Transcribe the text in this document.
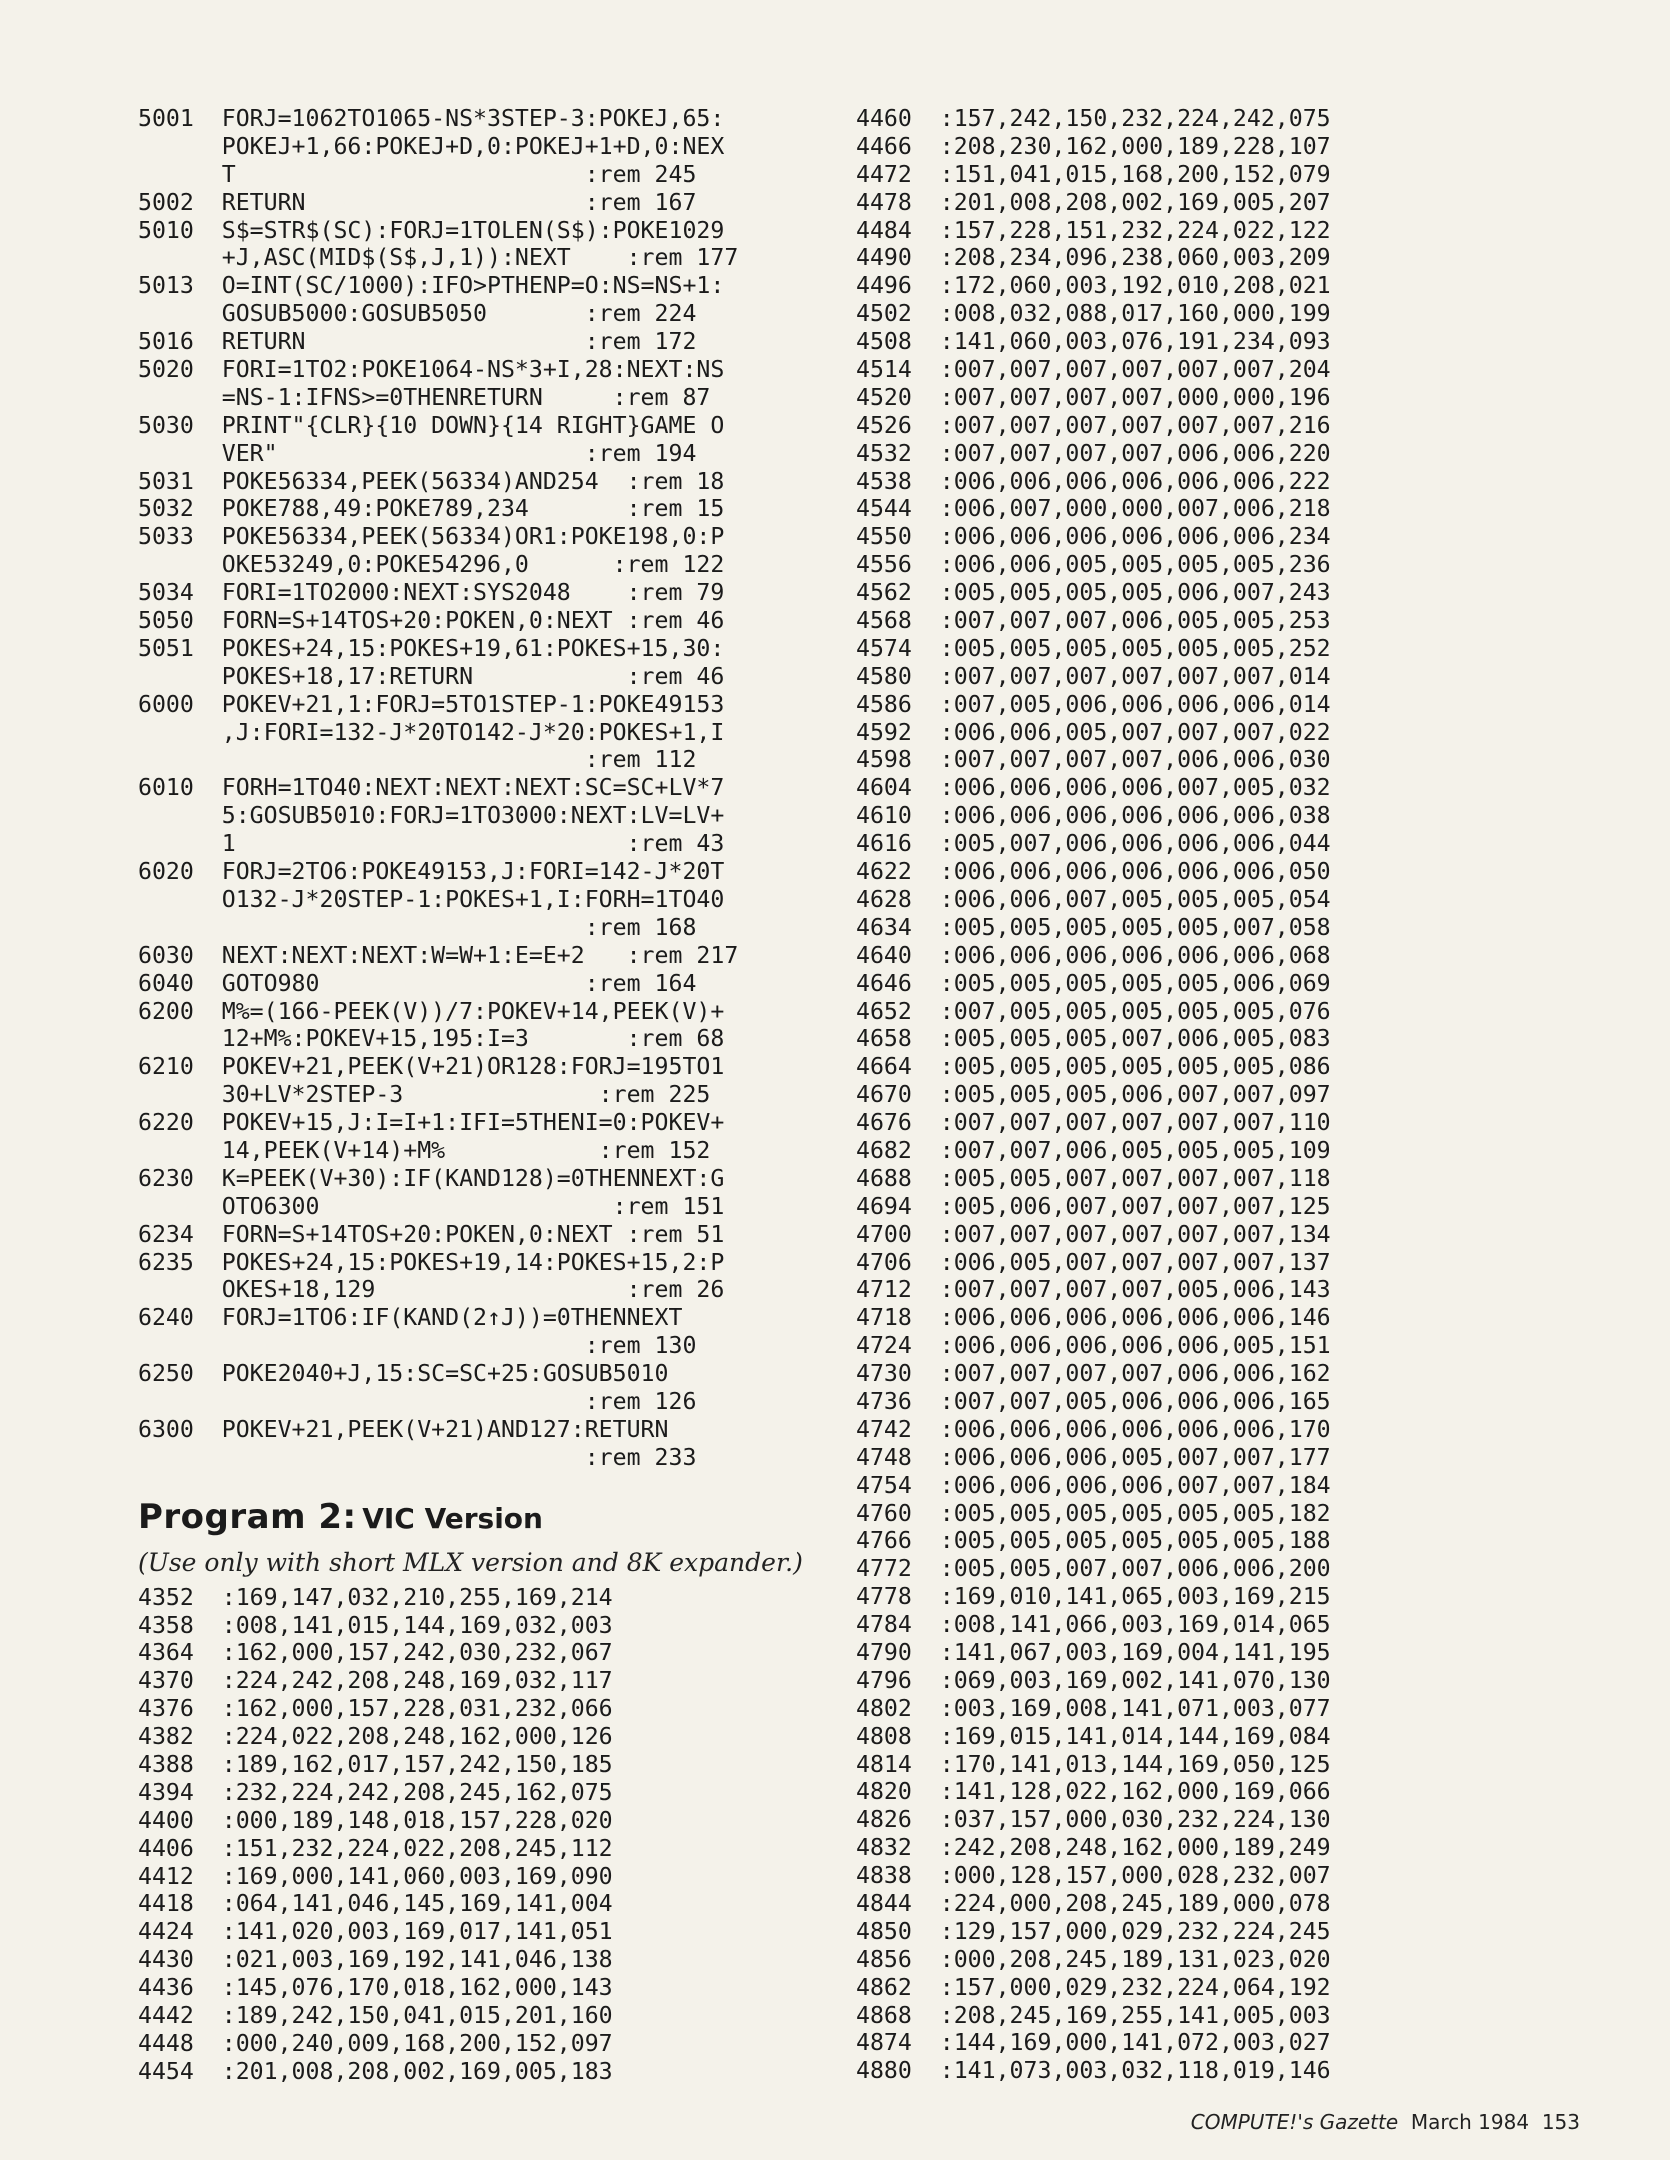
5001  FORJ=1062TO1065-NS*3STEP-3:POKEJ,65:
POKEJ+1,66:POKEJ+D,0:POKEJ+1+D,0:NEX
T                         :rem 245
5002  RETURN                    :rem 167
5010  S$=STR$(SC):FORJ=1TOLEN(S$):POKE1029
+J,ASC(MID$(S$,J,1)):NEXT    :rem 177
5013  O=INT(SC/1000):IFO>PTHENP=O:NS=NS+1:
GOSUB5000:GOSUB5050       :rem 224
5016  RETURN                    :rem 172
5020  FORI=1TO2:POKE1064-NS*3+I,28:NEXT:NS
=NS-1:IFNS>=0THENRETURN     :rem 87
5030  PRINT"{CLR}{10 DOWN}{14 RIGHT}GAME O
VER"                      :rem 194
5031  POKE56334,PEEK(56334)AND254  :rem 18
5032  POKE788,49:POKE789,234       :rem 15
5033  POKE56334,PEEK(56334)OR1:POKE198,0:P
OKE53249,0:POKE54296,0      :rem 122
5034  FORI=1TO2000:NEXT:SYS2048    :rem 79
5050  FORN=S+14TOS+20:POKEN,0:NEXT :rem 46
5051  POKES+24,15:POKES+19,61:POKES+15,30:
POKES+18,17:RETURN           :rem 46
6000  POKEV+21,1:FORJ=5TO1STEP-1:POKE49153
,J:FORI=132-J*20TO142-J*20:POKES+1,I
:rem 112
6010  FORH=1TO40:NEXT:NEXT:NEXT:SC=SC+LV*7
5:GOSUB5010:FORJ=1TO3000:NEXT:LV=LV+
1                            :rem 43
6020  FORJ=2TO6:POKE49153,J:FORI=142-J*20T
O132-J*20STEP-1:POKES+1,I:FORH=1TO40
:rem 168
6030  NEXT:NEXT:NEXT:W=W+1:E=E+2   :rem 217
6040  GOTO980                   :rem 164
6200  M%=(166-PEEK(V))/7:POKEV+14,PEEK(V)+
12+M%:POKEV+15,195:I=3       :rem 68
6210  POKEV+21,PEEK(V+21)OR128:FORJ=195TO1
30+LV*2STEP-3              :rem 225
6220  POKEV+15,J:I=I+1:IFI=5THENI=0:POKEV+
14,PEEK(V+14)+M%           :rem 152
6230  K=PEEK(V+30):IF(KAND128)=0THENNEXT:G
OTO6300                     :rem 151
6234  FORN=S+14TOS+20:POKEN,0:NEXT :rem 51
6235  POKES+24,15:POKES+19,14:POKES+15,2:P
OKES+18,129                  :rem 26
6240  FORJ=1TO6:IF(KAND(2↑J))=0THENNEXT
:rem 130
6250  POKE2040+J,15:SC=SC+25:GOSUB5010
:rem 126
6300  POKEV+21,PEEK(V+21)AND127:RETURN
:rem 233
Program 2: VIC Version
(Use only with short MLX version and 8K expander.)
4352  :169,147,032,210,255,169,214
4358  :008,141,015,144,169,032,003
4364  :162,000,157,242,030,232,067
4370  :224,242,208,248,169,032,117
4376  :162,000,157,228,031,232,066
4382  :224,022,208,248,162,000,126
4388  :189,162,017,157,242,150,185
4394  :232,224,242,208,245,162,075
4400  :000,189,148,018,157,228,020
4406  :151,232,224,022,208,245,112
4412  :169,000,141,060,003,169,090
4418  :064,141,046,145,169,141,004
4424  :141,020,003,169,017,141,051
4430  :021,003,169,192,141,046,138
4436  :145,076,170,018,162,000,143
4442  :189,242,150,041,015,201,160
4448  :000,240,009,168,200,152,097
4454  :201,008,208,002,169,005,183
4460  :157,242,150,232,224,242,075
4466  :208,230,162,000,189,228,107
4472  :151,041,015,168,200,152,079
4478  :201,008,208,002,169,005,207
4484  :157,228,151,232,224,022,122
4490  :208,234,096,238,060,003,209
4496  :172,060,003,192,010,208,021
4502  :008,032,088,017,160,000,199
4508  :141,060,003,076,191,234,093
4514  :007,007,007,007,007,007,204
4520  :007,007,007,007,000,000,196
4526  :007,007,007,007,007,007,216
4532  :007,007,007,007,006,006,220
4538  :006,006,006,006,006,006,222
4544  :006,007,000,000,007,006,218
4550  :006,006,006,006,006,006,234
4556  :006,006,005,005,005,005,236
4562  :005,005,005,005,006,007,243
4568  :007,007,007,006,005,005,253
4574  :005,005,005,005,005,005,252
4580  :007,007,007,007,007,007,014
4586  :007,005,006,006,006,006,014
4592  :006,006,005,007,007,007,022
4598  :007,007,007,007,006,006,030
4604  :006,006,006,006,007,005,032
4610  :006,006,006,006,006,006,038
4616  :005,007,006,006,006,006,044
4622  :006,006,006,006,006,006,050
4628  :006,006,007,005,005,005,054
4634  :005,005,005,005,005,007,058
4640  :006,006,006,006,006,006,068
4646  :005,005,005,005,005,006,069
4652  :007,005,005,005,005,005,076
4658  :005,005,005,007,006,005,083
4664  :005,005,005,005,005,005,086
4670  :005,005,005,006,007,007,097
4676  :007,007,007,007,007,007,110
4682  :007,007,006,005,005,005,109
4688  :005,005,007,007,007,007,118
4694  :005,006,007,007,007,007,125
4700  :007,007,007,007,007,007,134
4706  :006,005,007,007,007,007,137
4712  :007,007,007,007,005,006,143
4718  :006,006,006,006,006,006,146
4724  :006,006,006,006,006,005,151
4730  :007,007,007,007,006,006,162
4736  :007,007,005,006,006,006,165
4742  :006,006,006,006,006,006,170
4748  :006,006,006,005,007,007,177
4754  :006,006,006,006,007,007,184
4760  :005,005,005,005,005,005,182
4766  :005,005,005,005,005,005,188
4772  :005,005,007,007,006,006,200
4778  :169,010,141,065,003,169,215
4784  :008,141,066,003,169,014,065
4790  :141,067,003,169,004,141,195
4796  :069,003,169,002,141,070,130
4802  :003,169,008,141,071,003,077
4808  :169,015,141,014,144,169,084
4814  :170,141,013,144,169,050,125
4820  :141,128,022,162,000,169,066
4826  :037,157,000,030,232,224,130
4832  :242,208,248,162,000,189,249
4838  :000,128,157,000,028,232,007
4844  :224,000,208,245,189,000,078
4850  :129,157,000,029,232,224,245
4856  :000,208,245,189,131,023,020
4862  :157,000,029,232,224,064,192
4868  :208,245,169,255,141,005,003
4874  :144,169,000,141,072,003,027
4880  :141,073,003,032,118,019,146
COMPUTE!'s Gazette March 1984 153
